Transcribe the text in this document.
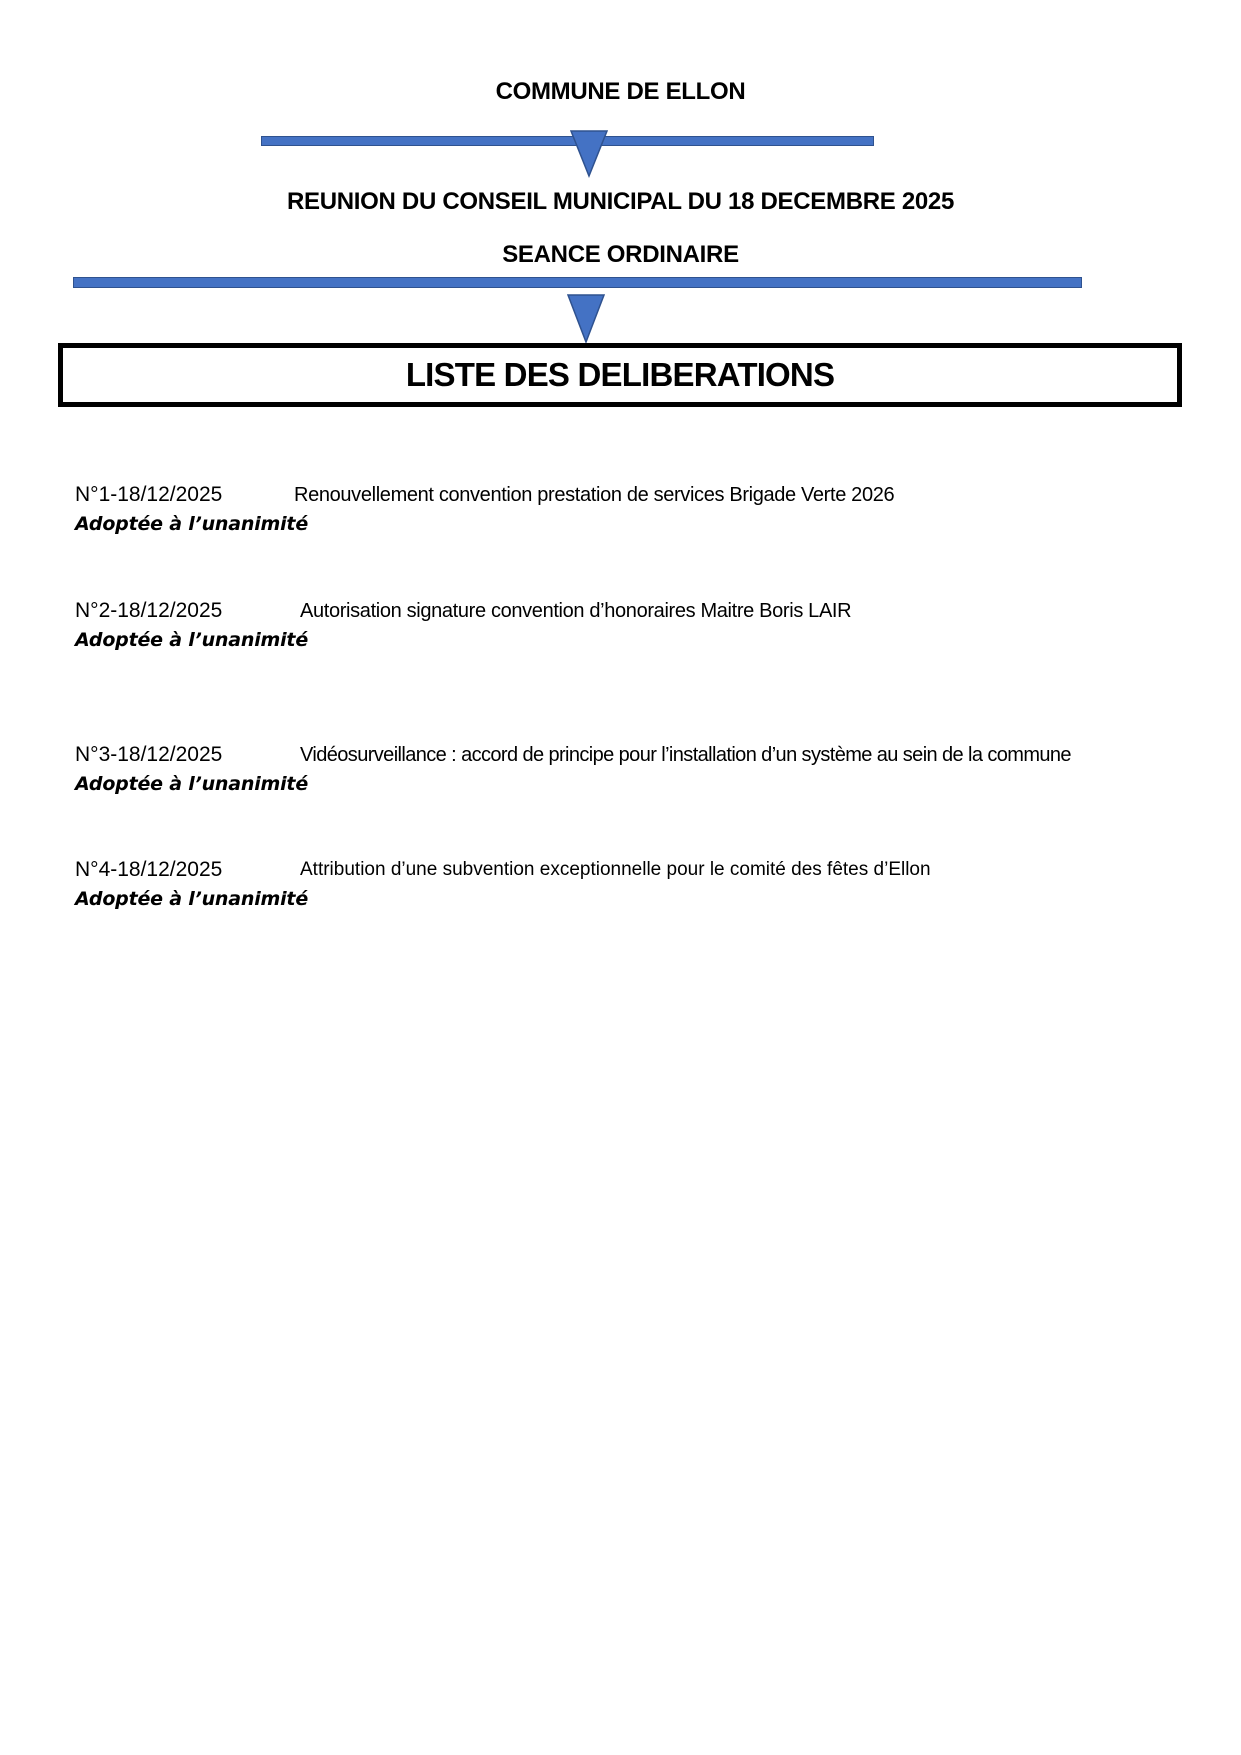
COMMUNE DE ELLON
REUNION DU CONSEIL MUNICIPAL DU 18 DECEMBRE 2025
SEANCE ORDINAIRE
LISTE DES DELIBERATIONS
N°1-18/12/2025	Renouvellement convention prestation de services Brigade Verte 2026
Adoptée à l’unanimité
N°2-18/12/2025	Autorisation signature convention d’honoraires Maitre Boris LAIR
Adoptée à l’unanimité
N°3-18/12/2025	Vidéosurveillance : accord de principe pour l’installation d’un système au sein de la commune
Adoptée à l’unanimité
N°4-18/12/2025	Attribution d’une subvention exceptionnelle pour le comité des fêtes d’Ellon
Adoptée à l’unanimité
